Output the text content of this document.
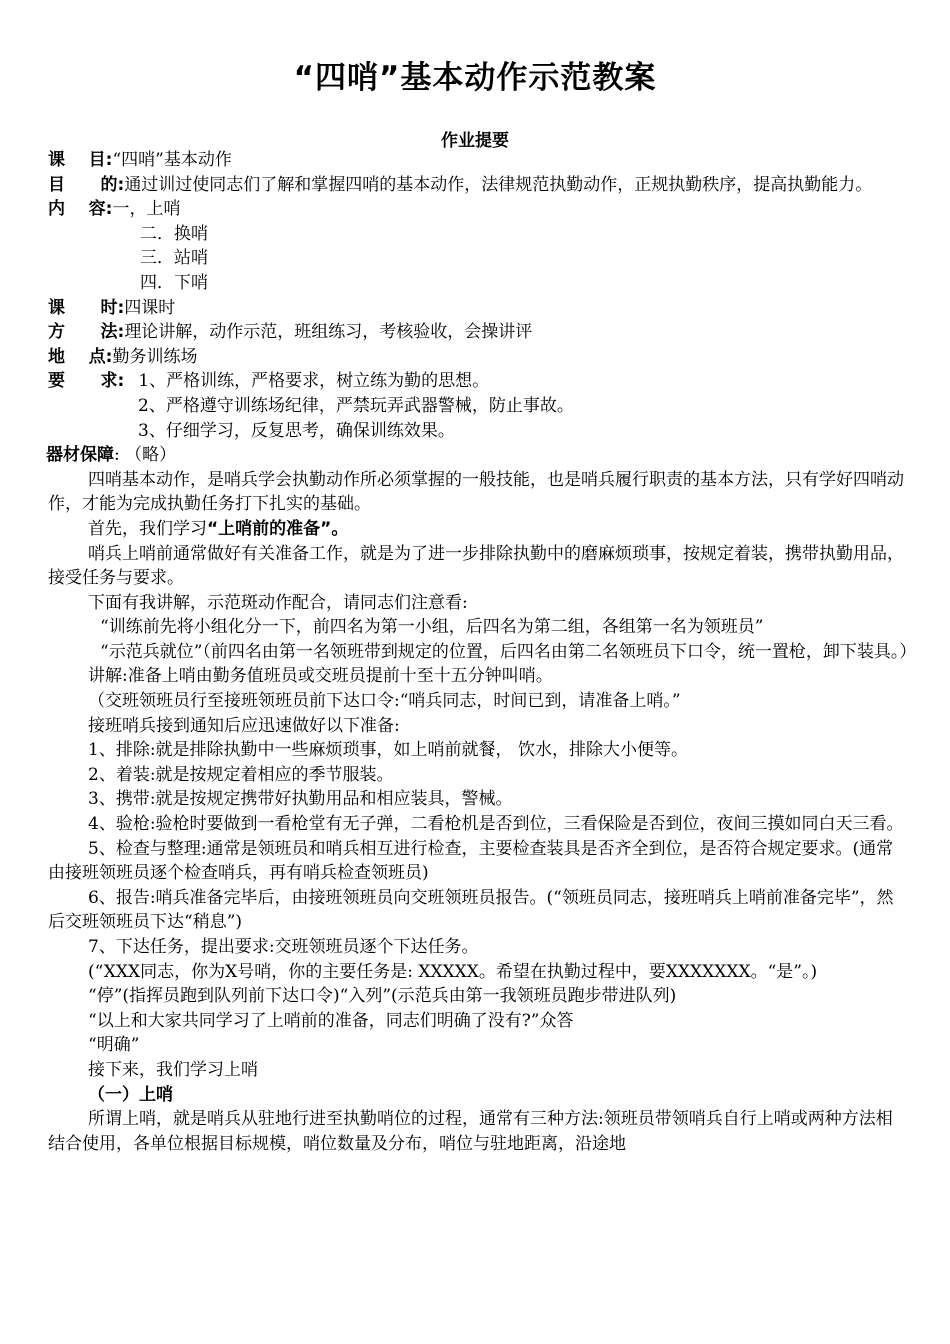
“四哨”基本动作示范教案
作业提要
课    目: “四哨”基本动作
目      的: 通过训过使同志们了解和掌握四哨的基本动作，法律规范执勤动作，正规执勤秩序，提高执勤能力。
内    容: 一，上哨
二．换哨
三．站哨
四．下哨
课      时: 四课时
方      法: 理论讲解，动作示范，班组练习，考核验收，会操讲评
地    点: 勤务训练场
要      求: 1、严格训练，严格要求，树立练为勤的思想。
2、严格遵守训练场纪律，严禁玩弄武器警械，防止事故。
3、仔细学习，反复思考，确保训练效果。
器材保障 : （略）

四哨基本动作，是哨兵学会执勤动作所必须掌握的一般技能，也是哨兵履行职责的基本方法，只有学好四哨动作，才能为完成执勤任务打下扎实的基础。

首先，我们学习“上哨前的准备”。

哨兵上哨前通常做好有关准备工作，就是为了进一步排除执勤中的磨麻烦琐事，按规定着装，携带执勤用品，接受任务与要求。

下面有我讲解，示范斑动作配合，请同志们注意看:

“训练前先将小组化分一下，前四名为第一小组，后四名为第二组，各组第一名为领班员”

“示范兵就位”（前四名由第一名领班带到规定的位置，后四名由第二名领班员下口令，统一置枪，卸下装具。）

讲解:准备上哨由勤务值班员或交班员提前十至十五分钟叫哨。

（交班领班员行至接班领班员前下达口令:“哨兵同志，时间已到，请准备上哨。”

接班哨兵接到通知后应迅速做好以下准备:

1、排除:就是排除执勤中一些麻烦琐事，如上哨前就餐， 饮水，排除大小便等。

2、着装:就是按规定着相应的季节服装。

3、携带:就是按规定携带好执勤用品和相应装具，警械。

4、验枪:验枪时要做到一看枪堂有无子弹，二看枪机是否到位，三看保险是否到位，夜间三摸如同白天三看。

5、检查与整理:通常是领班员和哨兵相互进行检查，主要检查装具是否齐全到位，是否符合规定要求。(通常由接班领班员逐个检查哨兵，再有哨兵检查领班员)

6、报告:哨兵准备完毕后，由接班领班员向交班领班员报告。(“领班员同志，接班哨兵上哨前准备完毕”，然后交班领班员下达“稍息”)

7、下达任务，提出要求:交班领班员逐个下达任务。

(“XXX同志，你为X号哨，你的主要任务是: XXXXX。希望在执勤过程中，要XXXXXXX。“是”。)

“停”(指挥员跑到队列前下达口令)“入列”(示范兵由第一我领班员跑步带进队列)

“以上和大家共同学习了上哨前的准备，同志们明确了没有?”众答

“明确”

接下来，我们学习上哨

（一）上哨

所谓上哨，就是哨兵从驻地行进至执勤哨位的过程，通常有三种方法:领班员带领哨兵自行上哨或两种方法相结合使用，各单位根据目标规模，哨位数量及分布，哨位与驻地距离，沿途地
